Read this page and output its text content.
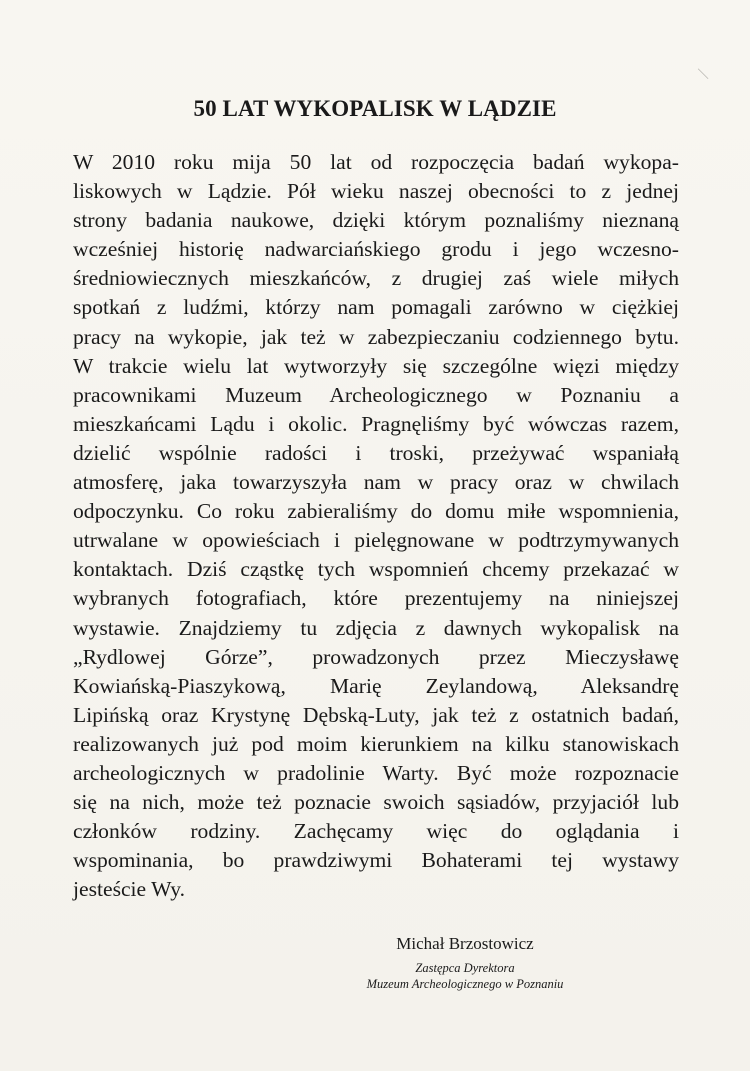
—
50 LAT WYKOPALISK W LĄDZIE
W 2010 roku mija 50 lat od rozpoczęcia badań wykopa-
liskowych w Lądzie. Pół wieku naszej obecności to z jednej
strony badania naukowe, dzięki którym poznaliśmy nieznaną
wcześniej historię nadwarciańskiego grodu i jego wczesno-
średniowiecznych mieszkańców, z drugiej zaś wiele miłych
spotkań z ludźmi, którzy nam pomagali zarówno w ciężkiej
pracy na wykopie, jak też w zabezpieczaniu codziennego bytu.
W trakcie wielu lat wytworzyły się szczególne więzi między
pracownikami Muzeum Archeologicznego w Poznaniu a
mieszkańcami Lądu i okolic. Pragnęliśmy być wówczas razem,
dzielić wspólnie radości i troski, przeżywać wspaniałą
atmosferę, jaka towarzyszyła nam w pracy oraz w chwilach
odpoczynku. Co roku zabieraliśmy do domu miłe wspomnienia,
utrwalane w opowieściach i pielęgnowane w podtrzymywanych
kontaktach. Dziś cząstkę tych wspomnień chcemy przekazać w
wybranych fotografiach, które prezentujemy na niniejszej
wystawie. Znajdziemy tu zdjęcia z dawnych wykopalisk na
„Rydlowej Górze”, prowadzonych przez Mieczysławę
Kowiańską-Piaszykową, Marię Zeylandową, Aleksandrę
Lipińską oraz Krystynę Dębską-Luty, jak też z ostatnich badań,
realizowanych już pod moim kierunkiem na kilku stanowiskach
archeologicznych w pradolinie Warty. Być może rozpoznacie
się na nich, może też poznacie swoich sąsiadów, przyjaciół lub
członków rodziny. Zachęcamy więc do oglądania i
wspominania, bo prawdziwymi Bohaterami tej wystawy
jesteście Wy.
Michał Brzostowicz
Zastępca Dyrektora
Muzeum Archeologicznego w Poznaniu
